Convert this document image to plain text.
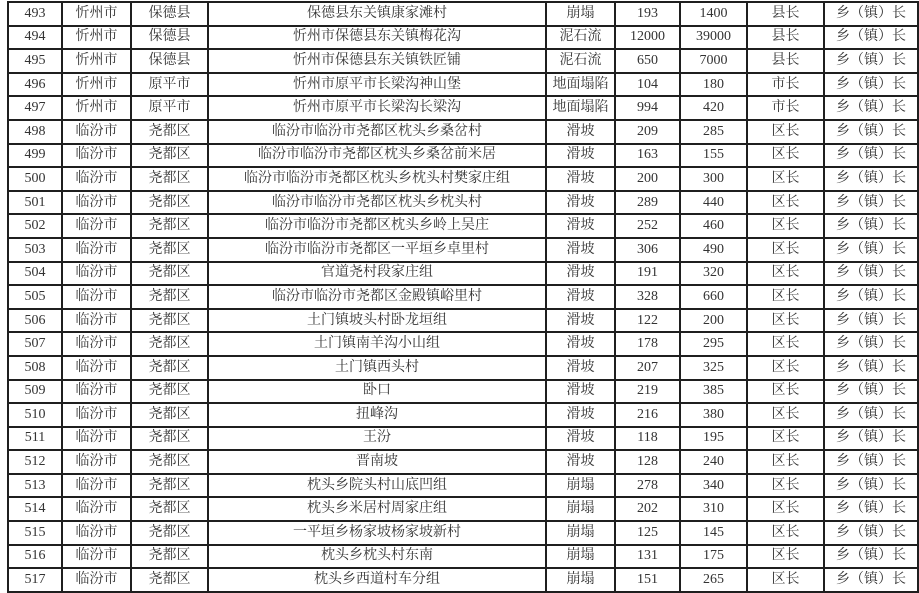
493	忻州市	保德县	保德县东关镇康家滩村	崩塌	193	1400	县长	乡（镇）长
494	忻州市	保德县	忻州市保德县东关镇梅花沟	泥石流	12000	39000	县长	乡（镇）长
495	忻州市	保德县	忻州市保德县东关镇铁匠铺	泥石流	650	7000	县长	乡（镇）长
496	忻州市	原平市	忻州市原平市长梁沟神山堡	地面塌陷	104	180	市长	乡（镇）长
497	忻州市	原平市	忻州市原平市长梁沟长梁沟	地面塌陷	994	420	市长	乡（镇）长
498	临汾市	尧都区	临汾市临汾市尧都区枕头乡桑岔村	滑坡	209	285	区长	乡（镇）长
499	临汾市	尧都区	临汾市临汾市尧都区枕头乡桑岔前米居	滑坡	163	155	区长	乡（镇）长
500	临汾市	尧都区	临汾市临汾市尧都区枕头乡枕头村樊家庄组	滑坡	200	300	区长	乡（镇）长
501	临汾市	尧都区	临汾市临汾市尧都区枕头乡枕头村	滑坡	289	440	区长	乡（镇）长
502	临汾市	尧都区	临汾市临汾市尧都区枕头乡岭上吴庄	滑坡	252	460	区长	乡（镇）长
503	临汾市	尧都区	临汾市临汾市尧都区一平垣乡卓里村	滑坡	306	490	区长	乡（镇）长
504	临汾市	尧都区	官道尧村段家庄组	滑坡	191	320	区长	乡（镇）长
505	临汾市	尧都区	临汾市临汾市尧都区金殿镇峪里村	滑坡	328	660	区长	乡（镇）长
506	临汾市	尧都区	土门镇坡头村卧龙垣组	滑坡	122	200	区长	乡（镇）长
507	临汾市	尧都区	土门镇南羊沟小山组	滑坡	178	295	区长	乡（镇）长
508	临汾市	尧都区	土门镇西头村	滑坡	207	325	区长	乡（镇）长
509	临汾市	尧都区	卧口	滑坡	219	385	区长	乡（镇）长
510	临汾市	尧都区	扭峰沟	滑坡	216	380	区长	乡（镇）长
511	临汾市	尧都区	王汾	滑坡	118	195	区长	乡（镇）长
512	临汾市	尧都区	晋南坡	滑坡	128	240	区长	乡（镇）长
513	临汾市	尧都区	枕头乡院头村山底凹组	崩塌	278	340	区长	乡（镇）长
514	临汾市	尧都区	枕头乡米居村周家庄组	崩塌	202	310	区长	乡（镇）长
515	临汾市	尧都区	一平垣乡杨家坡杨家坡新村	崩塌	125	145	区长	乡（镇）长
516	临汾市	尧都区	枕头乡枕头村东南	崩塌	131	175	区长	乡（镇）长
517	临汾市	尧都区	枕头乡西道村车分组	崩塌	151	265	区长	乡（镇）长
